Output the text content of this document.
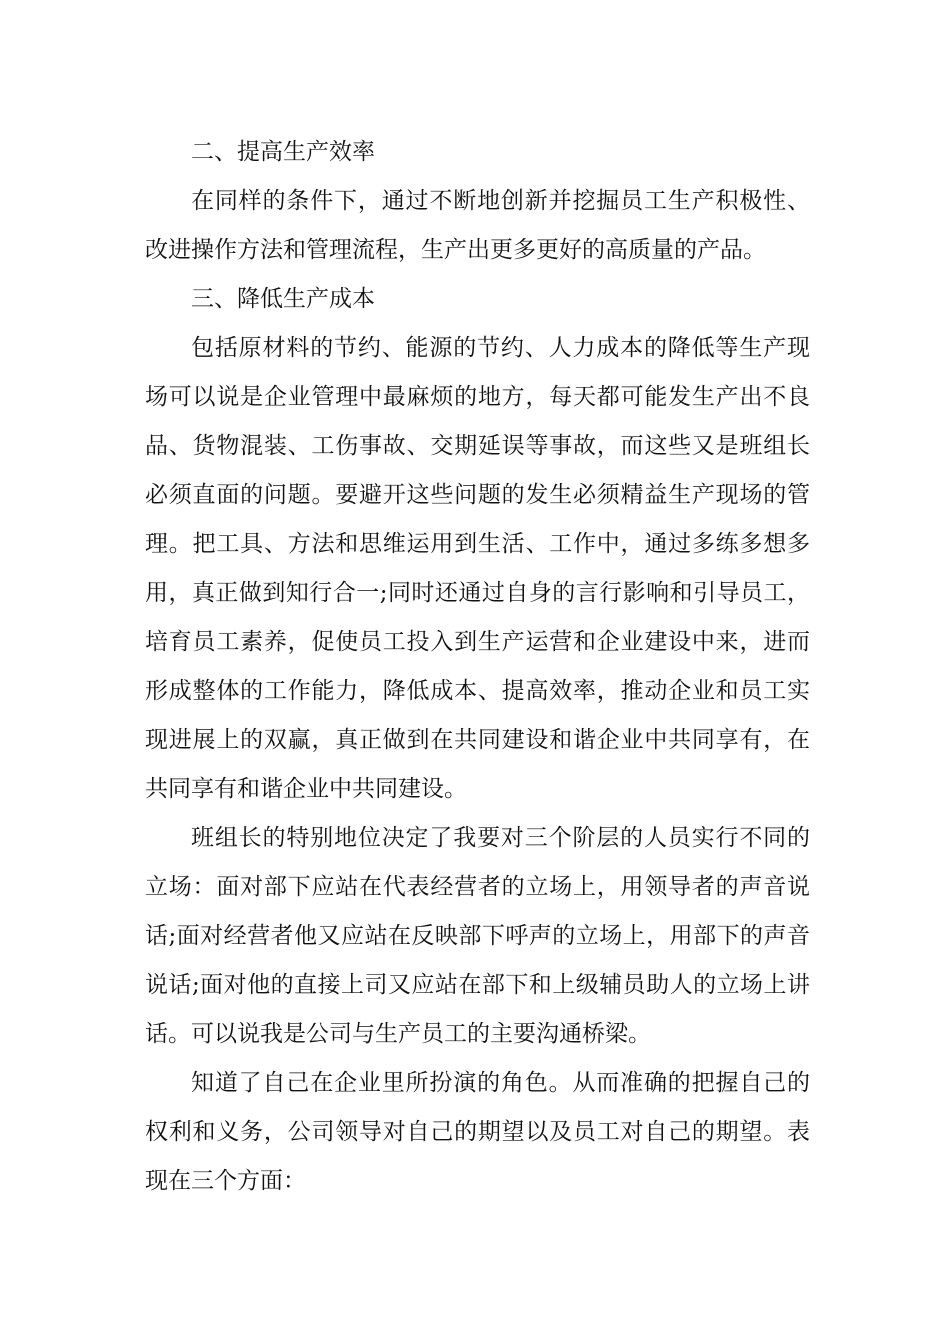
二、提高生产效率

在同样的条件下，通过不断地创新并挖掘员工生产积极性、改进操作方法和管理流程，生产出更多更好的高质量的产品。

三、降低生产成本

包括原材料的节约、能源的节约、人力成本的降低等生产现场可以说是企业管理中最麻烦的地方，每天都可能发生产出不良品、货物混装、工伤事故、交期延误等事故，而这些又是班组长必须直面的问题。要避开这些问题的发生必须精益生产现场的管理。把工具、方法和思维运用到生活、工作中，通过多练多想多用，真正做到知行合一;同时还通过自身的言行影响和引导员工，培育员工素养，促使员工投入到生产运营和企业建设中来，进而形成整体的工作能力，降低成本、提高效率，推动企业和员工实现进展上的双赢，真正做到在共同建设和谐企业中共同享有，在共同享有和谐企业中共同建设。

班组长的特别地位决定了我要对三个阶层的人员实行不同的立场：面对部下应站在代表经营者的立场上，用领导者的声音说话;面对经营者他又应站在反映部下呼声的立场上，用部下的声音说话;面对他的直接上司又应站在部下和上级辅员助人的立场上讲话。可以说我是公司与生产员工的主要沟通桥梁。

知道了自己在企业里所扮演的角色。从而准确的把握自己的权利和义务，公司领导对自己的期望以及员工对自己的期望。表现在三个方面：
